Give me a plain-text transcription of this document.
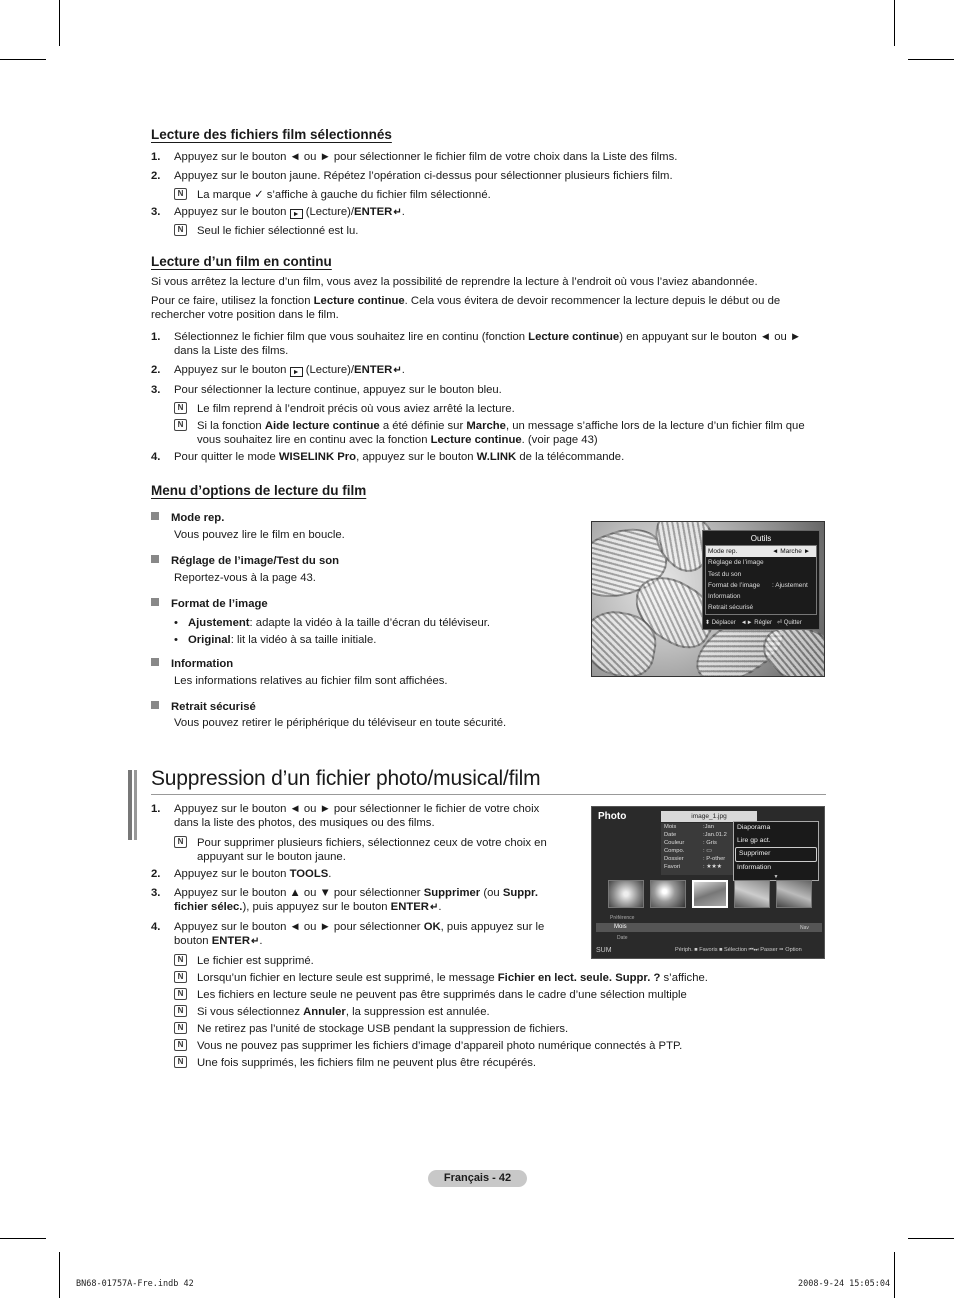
Lecture des fichiers film sélectionnés
1. Appuyez sur le bouton ◄ ou ► pour sélectionner le fichier film de votre choix dans la Liste des films.
2. Appuyez sur le bouton jaune. Répétez l’opération ci-dessus pour sélectionner plusieurs fichiers film.
N	La marque ✓ s’affiche à gauche du fichier film sélectionné.
3. Appuyez sur le bouton ► (Lecture)/ENTER↵.
N	Seul le fichier sélectionné est lu.
Lecture d’un film en continu
Si vous arrêtez la lecture d’un film, vous avez la possibilité de reprendre la lecture à l’endroit où vous l’aviez abandonnée.
Pour ce faire, utilisez la fonction Lecture continue. Cela vous évitera de devoir recommencer la lecture depuis le début ou de rechercher votre position dans le film.
1. Sélectionnez le fichier film que vous souhaitez lire en continu (fonction Lecture continue) en appuyant sur le bouton ◄ ou ► dans la Liste des films.
2. Appuyez sur le bouton ► (Lecture)/ENTER↵.
3. Pour sélectionner la lecture continue, appuyez sur le bouton bleu.
N	Le film reprend à l’endroit précis où vous aviez arrêté la lecture.
N	Si la fonction Aide lecture continue a été définie sur Marche, un message s’affiche lors de la lecture d’un fichier film que vous souhaitez lire en continu avec la fonction Lecture continue. (voir page 43)
4. Pour quitter le mode WISELINK Pro, appuyez sur le bouton W.LINK de la télécommande.
Menu d’options de lecture du film
Mode rep.
Vous pouvez lire le film en boucle.
Réglage de l’image/Test du son
Reportez-vous à la page 43.
Format de l’image
• Ajustement: adapte la vidéo à la taille d’écran du téléviseur.
• Original: lit la vidéo à sa taille initiale.
Information
Les informations relatives au fichier film sont affichées.
Retrait sécurisé
Vous pouvez retirer le périphérique du téléviseur en toute sécurité.
Outils
Mode rep.	◄ Marche ►
Réglage de l’image
Test du son
Format de l’image : Ajustement
Information
Retrait sécurisé
⬍ Déplacer ◄► Régler ⏎ Quitter
Suppression d’un fichier photo/musical/film
1. Appuyez sur le bouton ◄ ou ► pour sélectionner le fichier de votre choix dans la liste des photos, des musiques ou des films.
N	Pour supprimer plusieurs fichiers, sélectionnez ceux de votre choix en appuyant sur le bouton jaune.
2. Appuyez sur le bouton TOOLS.
3. Appuyez sur le bouton ▲ ou ▼ pour sélectionner Supprimer (ou Suppr. fichier sélec.), puis appuyez sur le bouton ENTER↵.
4. Appuyez sur le bouton ◄ ou ► pour sélectionner OK, puis appuyez sur le bouton ENTER↵.
N	Le fichier est supprimé.
N	Lorsqu’un fichier en lecture seule est supprimé, le message Fichier en lect. seule. Suppr. ? s’affiche.
N	Les fichiers en lecture seule ne peuvent pas être supprimés dans le cadre d’une sélection multiple
N	Si vous sélectionnez Annuler, la suppression est annulée.
N	Ne retirez pas l’unité de stockage USB pendant la suppression de fichiers.
N	Vous ne pouvez pas supprimer les fichiers d’image d’appareil photo numérique connectés à PTP.
N	Une fois supprimés, les fichiers film ne peuvent plus être récupérés.
Photo	image_1.jpg
Mois	:Jan
Date	:Jan.01.2
Couleur	: Gris
Compo.	: ▭
Dossier	: P-other
Favori	: ★★★
Diaporama
Lire gp act.
Supprimer
Information
▼
Préférence
Mois	Nav
Date
SUM	Périph. ■ Favoris ■ Sélection ⏮⏭ Passer ▭ Option
Français - 42
BN68-01757A-Fre.indb 42	2008-9-24 15:05:04
